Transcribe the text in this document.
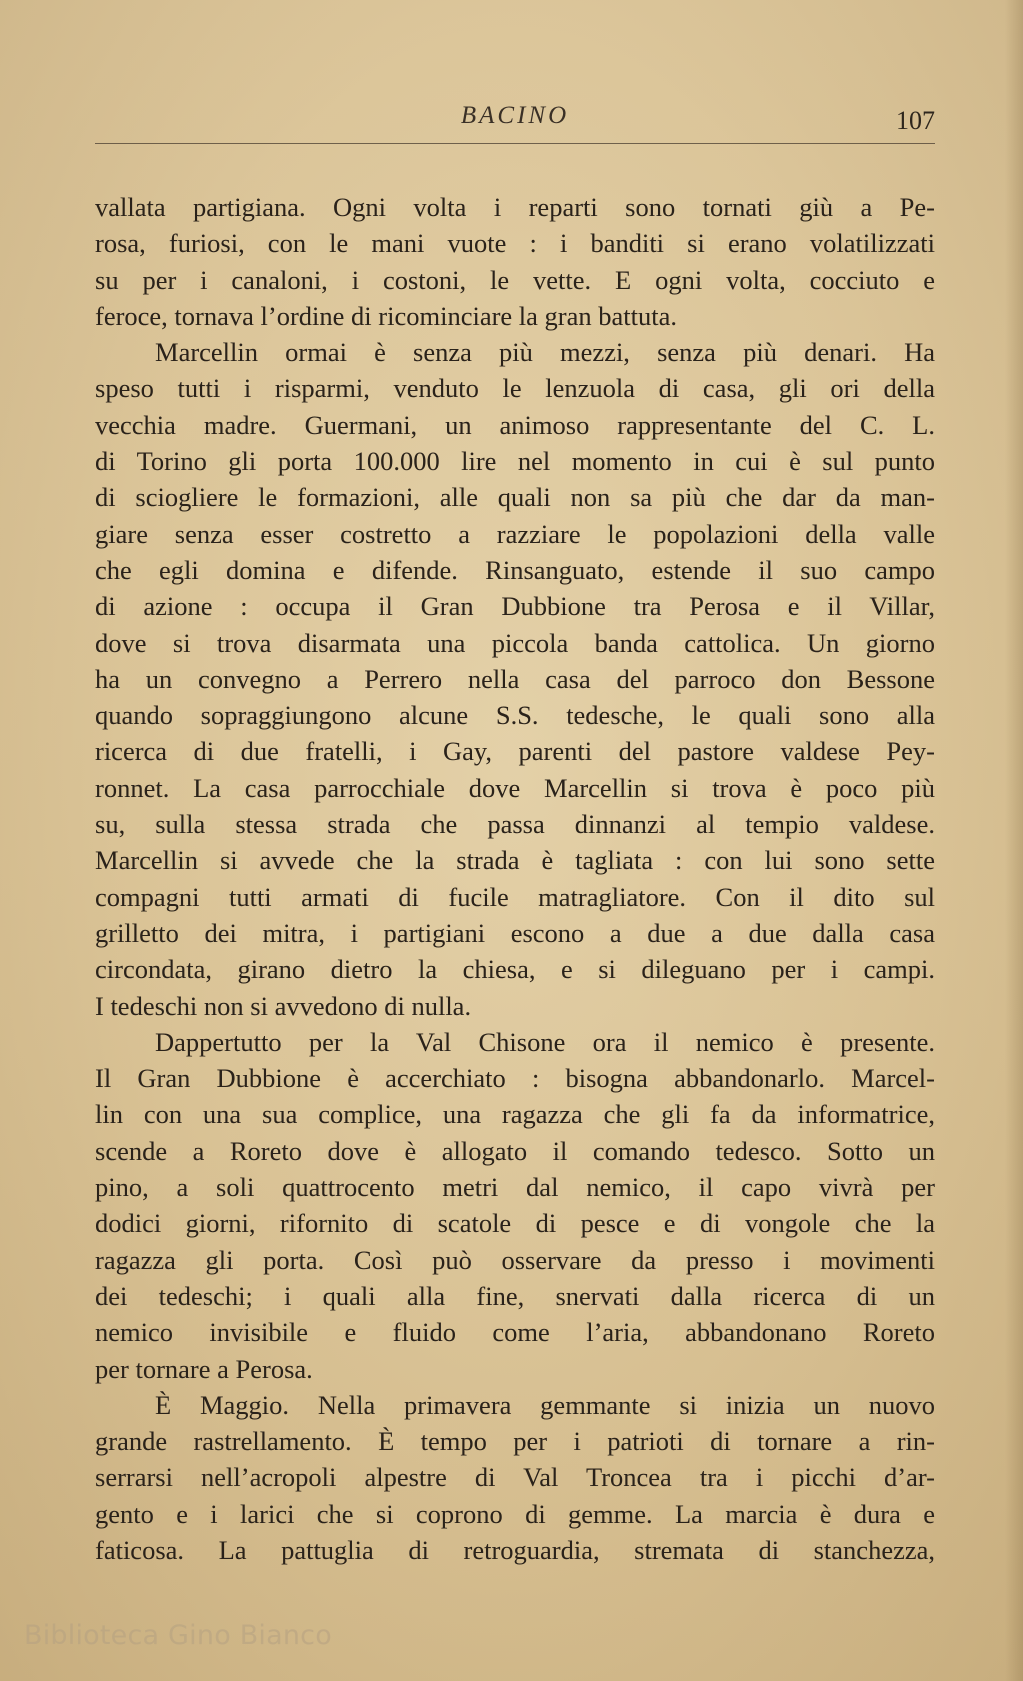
BACINO	107
vallata partigiana. Ogni volta i reparti sono tornati giù a Pe-
rosa, furiosi, con le mani vuote : i banditi si erano volatilizzati
su per i canaloni, i costoni, le vette. E ogni volta, cocciuto e
feroce, tornava l’ordine di ricominciare la gran battuta.
Marcellin ormai è senza più mezzi, senza più denari. Ha
speso tutti i risparmi, venduto le lenzuola di casa, gli ori della
vecchia madre. Guermani, un animoso rappresentante del C. L.
di Torino gli porta 100.000 lire nel momento in cui è sul punto
di sciogliere le formazioni, alle quali non sa più che dar da man-
giare senza esser costretto a razziare le popolazioni della valle
che egli domina e difende. Rinsanguato, estende il suo campo
di azione : occupa il Gran Dubbione tra Perosa e il Villar,
dove si trova disarmata una piccola banda cattolica. Un giorno
ha un convegno a Perrero nella casa del parroco don Bessone
quando sopraggiungono alcune S.S. tedesche, le quali sono alla
ricerca di due fratelli, i Gay, parenti del pastore valdese Pey-
ronnet. La casa parrocchiale dove Marcellin si trova è poco più
su, sulla stessa strada che passa dinnanzi al tempio valdese.
Marcellin si avvede che la strada è tagliata : con lui sono sette
compagni tutti armati di fucile matragliatore. Con il dito sul
grilletto dei mitra, i partigiani escono a due a due dalla casa
circondata, girano dietro la chiesa, e si dileguano per i campi.
I tedeschi non si avvedono di nulla.
Dappertutto per la Val Chisone ora il nemico è presente.
Il Gran Dubbione è accerchiato : bisogna abbandonarlo. Marcel-
lin con una sua complice, una ragazza che gli fa da informatrice,
scende a Roreto dove è allogato il comando tedesco. Sotto un
pino, a soli quattrocento metri dal nemico, il capo vivrà per
dodici giorni, rifornito di scatole di pesce e di vongole che la
ragazza gli porta. Così può osservare da presso i movimenti
dei tedeschi; i quali alla fine, snervati dalla ricerca di un
nemico invisibile e fluido come l’aria, abbandonano Roreto
per tornare a Perosa.
È Maggio. Nella primavera gemmante si inizia un nuovo
grande rastrellamento. È tempo per i patrioti di tornare a rin-
serrarsi nell’acropoli alpestre di Val Troncea tra i picchi d’ar-
gento e i larici che si coprono di gemme. La marcia è dura e
faticosa. La pattuglia di retroguardia, stremata di stanchezza,
Biblioteca Gino Bianco
